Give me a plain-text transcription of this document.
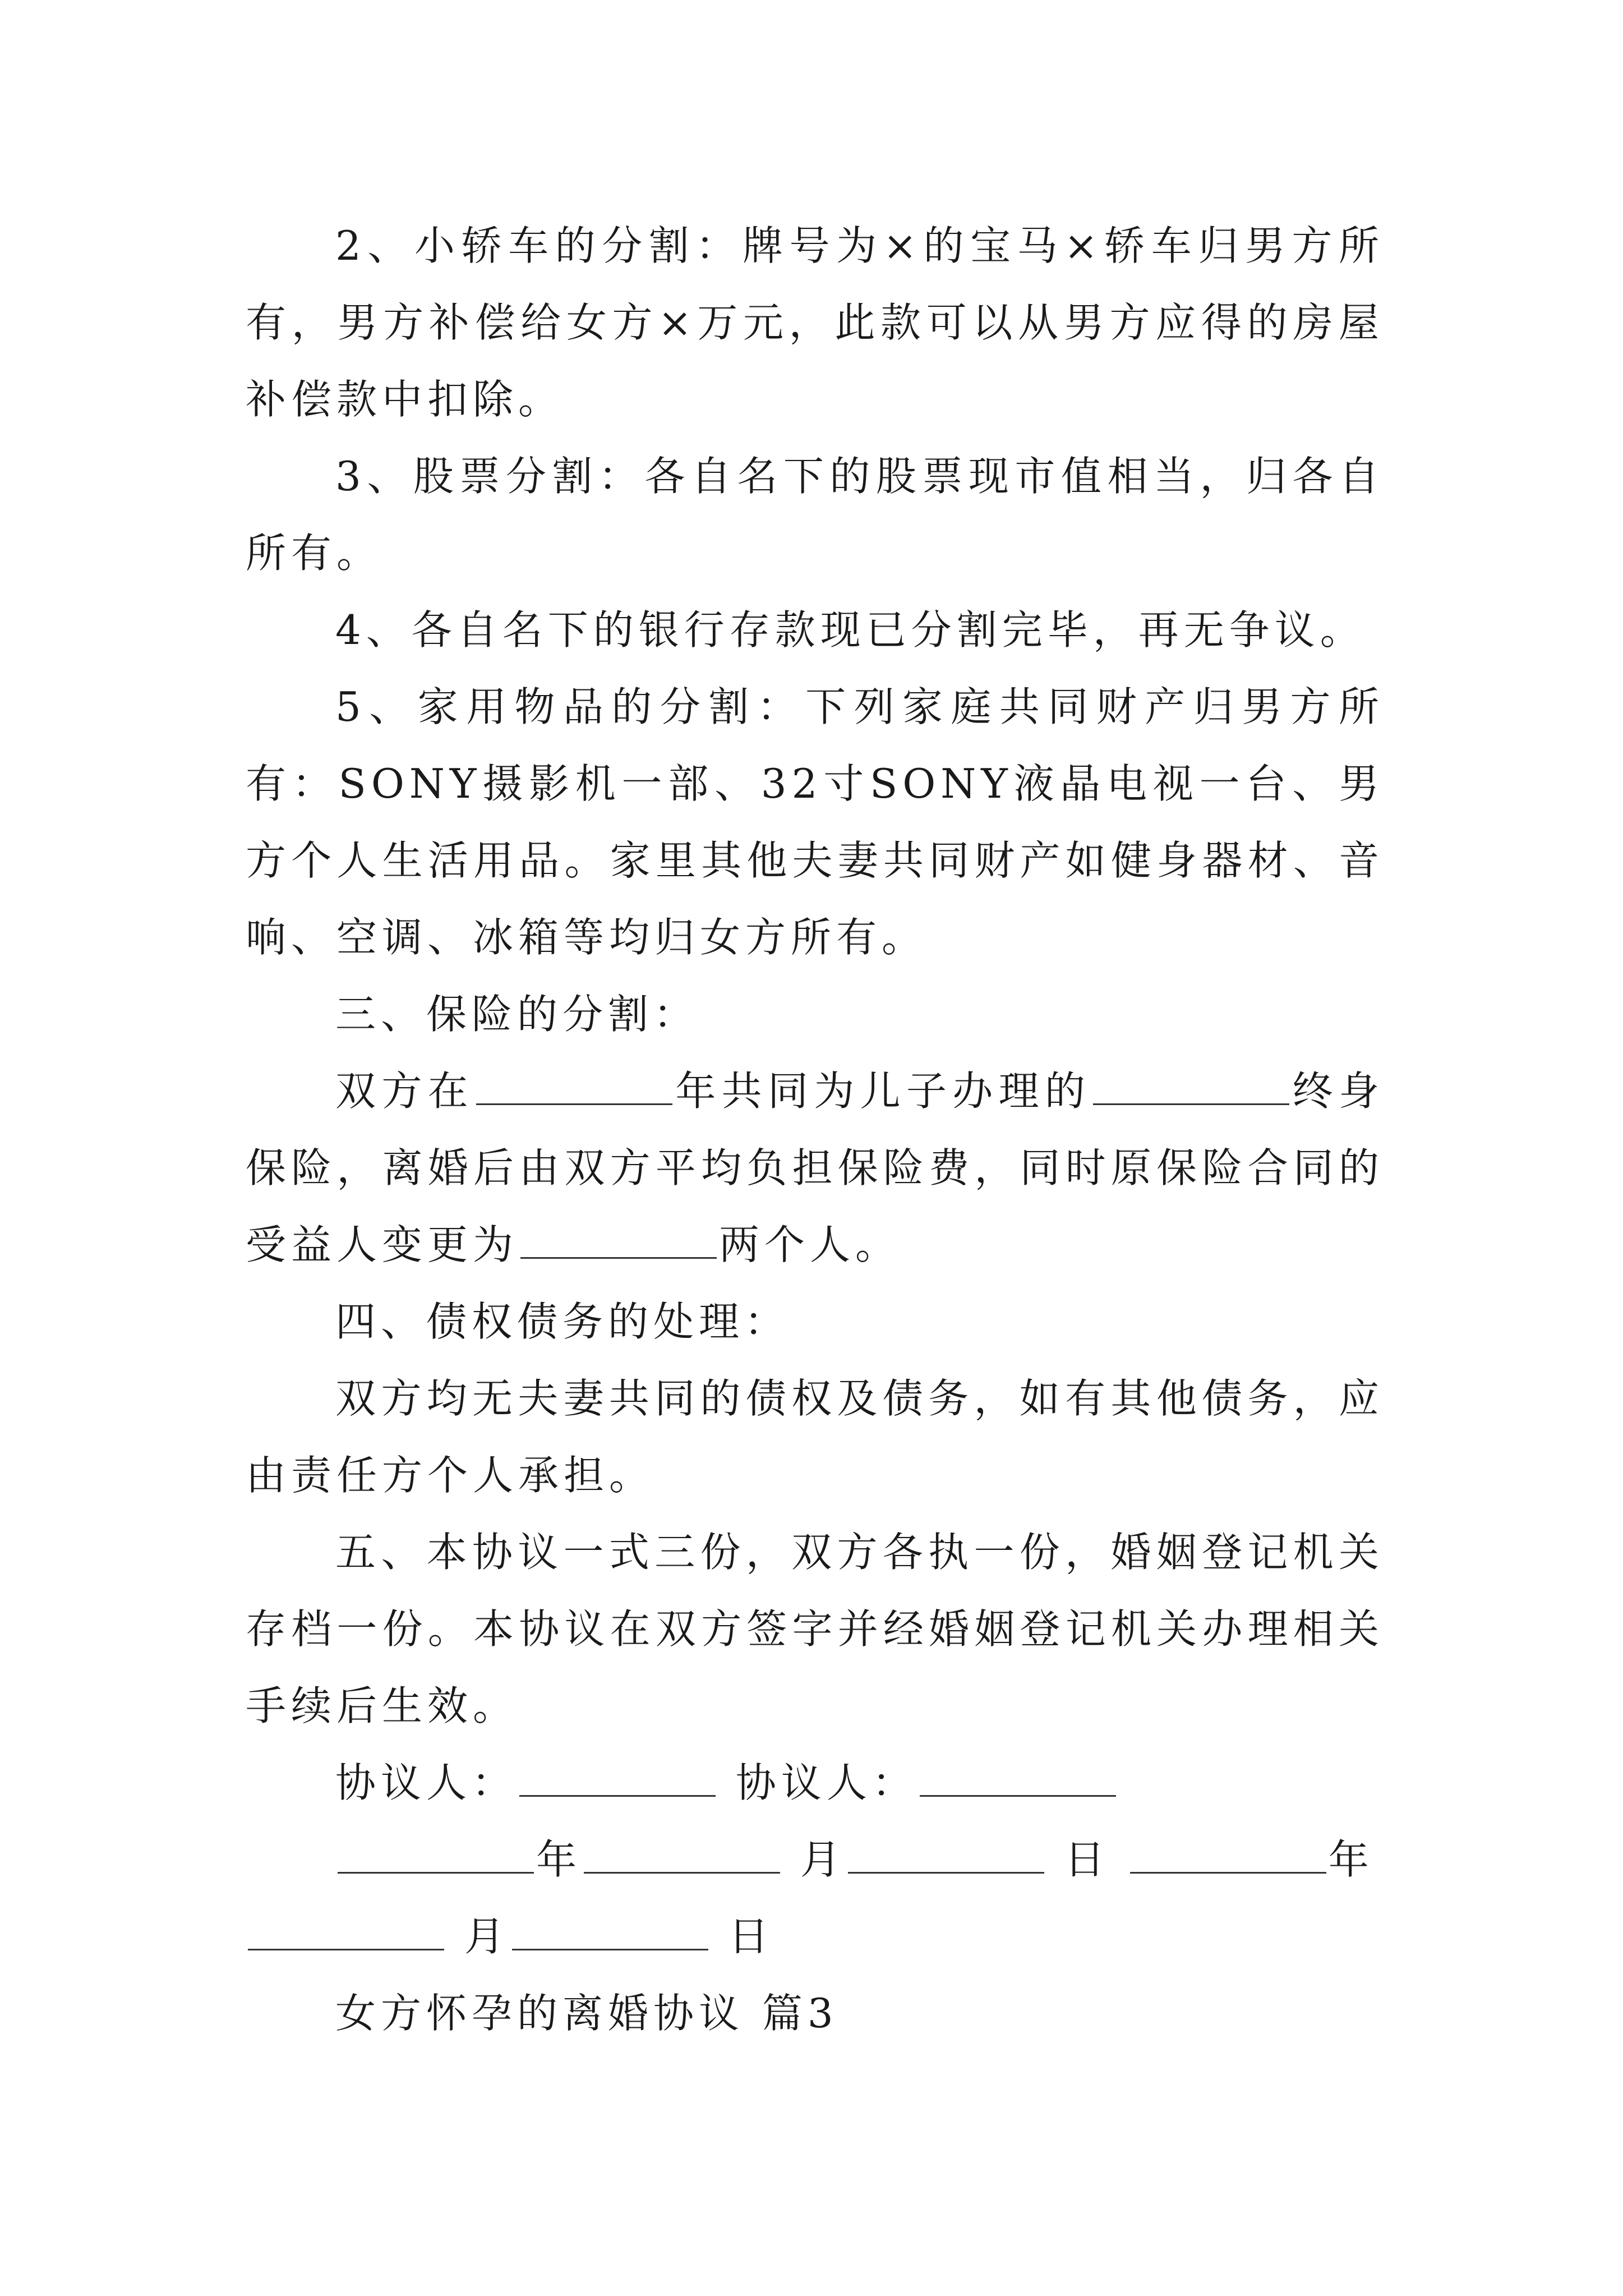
2、小轿车的分割：牌号为×的宝马×轿车归男方所有，男方补偿给女方×万元，此款可以从男方应得的房屋补偿款中扣除。

3、股票分割：各自名下的股票现市值相当，归各自所有。

4、各自名下的银行存款现已分割完毕，再无争议。

5、家用物品的分割：下列家庭共同财产归男方所有：SONY摄影机一部、32寸SONY液晶电视一台、男方个人生活用品。家里其他夫妻共同财产如健身器材、音响、空调、冰箱等均归女方所有。

三、保险的分割：

双方在	年共同为儿子办理的	终身保险，离婚后由双方平均负担保险费，同时原保险合同的受益人变更为	两个人。

四、债权债务的处理：

双方均无夫妻共同的债权及债务，如有其他债务，应由责任方个人承担。

五、本协议一式三份，双方各执一份，婚姻登记机关存档一份。本协议在双方签字并经婚姻登记机关办理相关手续后生效。

协议人：	协议人：

年	月	日	年

月	日

女方怀孕的离婚协议 篇3
